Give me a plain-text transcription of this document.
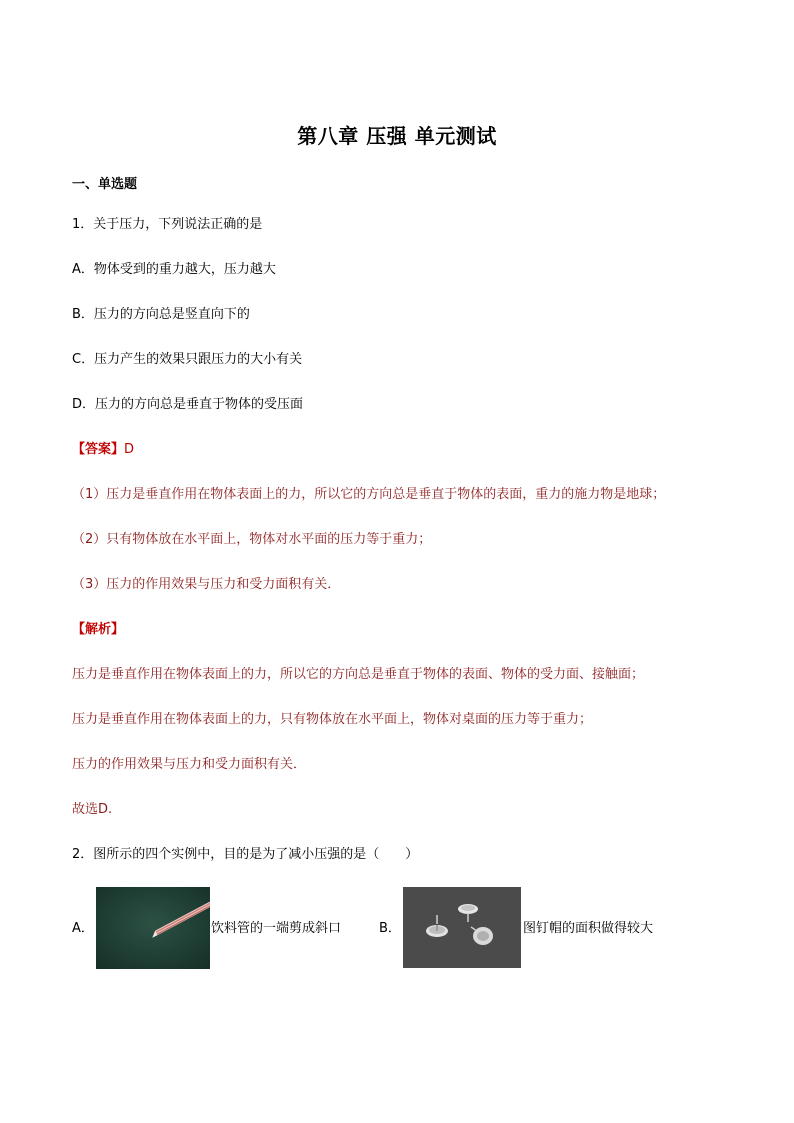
第八章 压强 单元测试
一、单选题
1．关于压力，下列说法正确的是
A．物体受到的重力越大，压力越大
B．压力的方向总是竖直向下的
C．压力产生的效果只跟压力的大小有关
D．压力的方向总是垂直于物体的受压面
【答案】D
（1）压力是垂直作用在物体表面上的力，所以它的方向总是垂直于物体的表面，重力的施力物是地球；
（2）只有物体放在水平面上，物体对水平面的压力等于重力；
（3）压力的作用效果与压力和受力面积有关．
【解析】
压力是垂直作用在物体表面上的力，所以它的方向总是垂直于物体的表面、物体的受力面、接触面；
压力是垂直作用在物体表面上的力，只有物体放在水平面上，物体对桌面的压力等于重力；
压力的作用效果与压力和受力面积有关．
故选D.
2．图所示的四个实例中，目的是为了减小压强的是（　　）
A．	饮料管的一端剪成斜口	B．	图钉帽的面积做得较大
